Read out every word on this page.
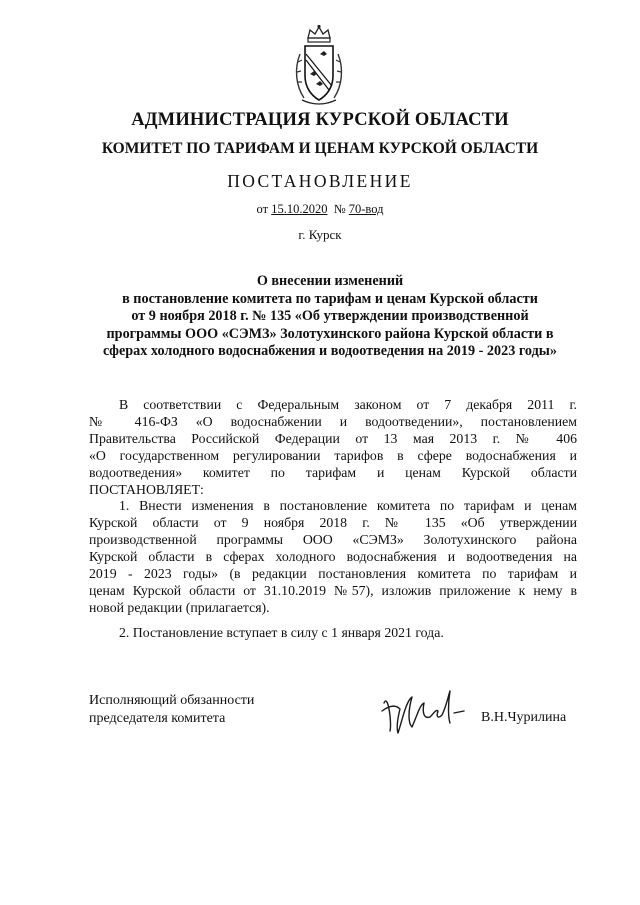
АДМИНИСТРАЦИЯ КУРСКОЙ ОБЛАСТИ
КОМИТЕТ ПО ТАРИФАМ И ЦЕНАМ КУРСКОЙ ОБЛАСТИ
ПОСТАНОВЛЕНИЕ
от 15.10.2020 № 70-вод
г. Курск
О внесении изменений
в постановление комитета по тарифам и ценам Курской области
от 9 ноября 2018 г. № 135 «Об утверждении производственной
программы ООО «СЭМЗ» Золотухинского района Курской области в
сферах холодного водоснабжения и водоотведения на 2019 - 2023 годы»
В соответствии с Федеральным законом от 7 декабря 2011 г.
№ 416-ФЗ «О водоснабжении и водоотведении», постановлением
Правительства Российской Федерации от 13 мая 2013 г. № 406
«О государственном регулировании тарифов в сфере водоснабжения и
водоотведения» комитет по тарифам и ценам Курской области
ПОСТАНОВЛЯЕТ:
1. Внести изменения в постановление комитета по тарифам и ценам
Курской области от 9 ноября 2018 г. № 135 «Об утверждении
производственной программы ООО «СЭМЗ» Золотухинского района
Курской области в сферах холодного водоснабжения и водоотведения на
2019 - 2023 годы» (в редакции постановления комитета по тарифам и
ценам Курской области от 31.10.2019 №57), изложив приложение к нему в
новой редакции (прилагается).
2. Постановление вступает в силу с 1 января 2021 года.
Исполняющий обязанности
председателя комитета	В.Н.Чурилина
